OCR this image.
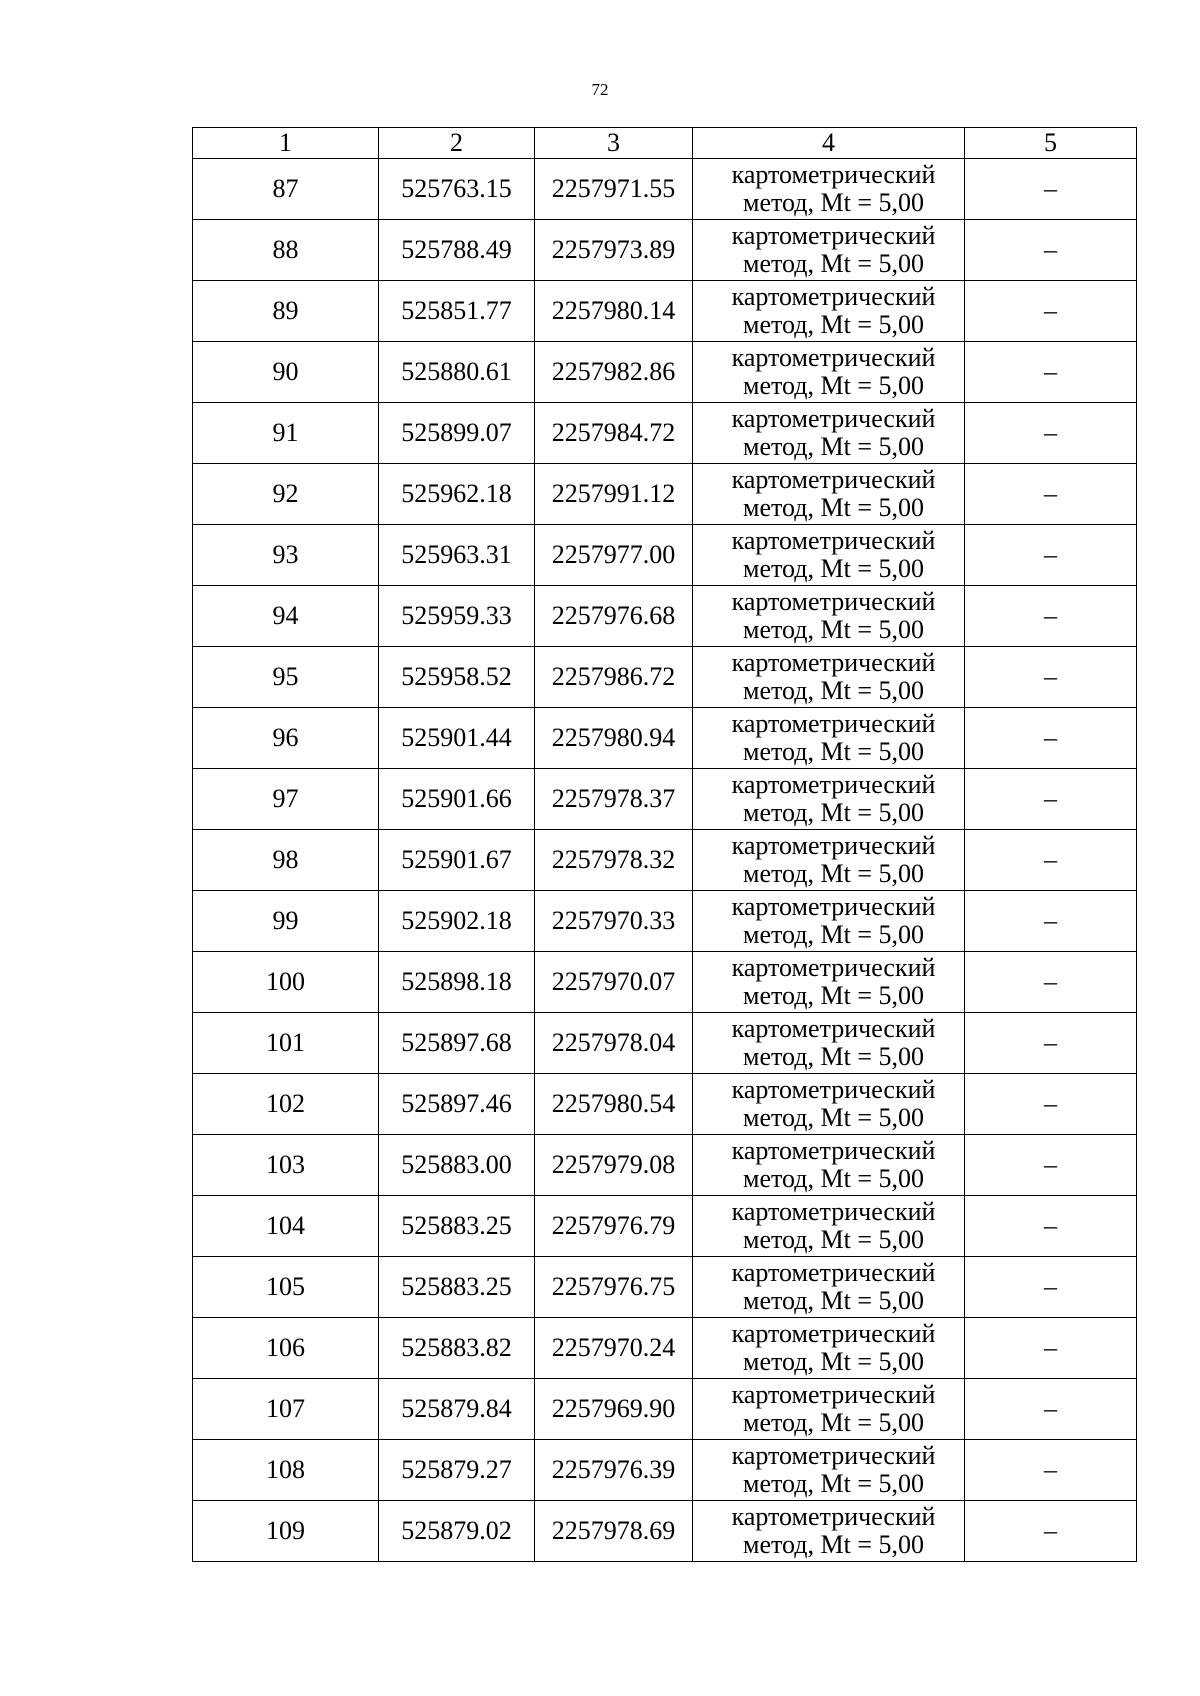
72
1	2	3	4	5
87	525763.15	2257971.55	картометрический
метод, Mt = 5,00	–
88	525788.49	2257973.89	картометрический
метод, Mt = 5,00	–
89	525851.77	2257980.14	картометрический
метод, Mt = 5,00	–
90	525880.61	2257982.86	картометрический
метод, Mt = 5,00	–
91	525899.07	2257984.72	картометрический
метод, Mt = 5,00	–
92	525962.18	2257991.12	картометрический
метод, Mt = 5,00	–
93	525963.31	2257977.00	картометрический
метод, Mt = 5,00	–
94	525959.33	2257976.68	картометрический
метод, Mt = 5,00	–
95	525958.52	2257986.72	картометрический
метод, Mt = 5,00	–
96	525901.44	2257980.94	картометрический
метод, Mt = 5,00	–
97	525901.66	2257978.37	картометрический
метод, Mt = 5,00	–
98	525901.67	2257978.32	картометрический
метод, Mt = 5,00	–
99	525902.18	2257970.33	картометрический
метод, Mt = 5,00	–
100	525898.18	2257970.07	картометрический
метод, Mt = 5,00	–
101	525897.68	2257978.04	картометрический
метод, Mt = 5,00	–
102	525897.46	2257980.54	картометрический
метод, Mt = 5,00	–
103	525883.00	2257979.08	картометрический
метод, Mt = 5,00	–
104	525883.25	2257976.79	картометрический
метод, Mt = 5,00	–
105	525883.25	2257976.75	картометрический
метод, Mt = 5,00	–
106	525883.82	2257970.24	картометрический
метод, Mt = 5,00	–
107	525879.84	2257969.90	картометрический
метод, Mt = 5,00	–
108	525879.27	2257976.39	картометрический
метод, Mt = 5,00	–
109	525879.02	2257978.69	картометрический
метод, Mt = 5,00	–
